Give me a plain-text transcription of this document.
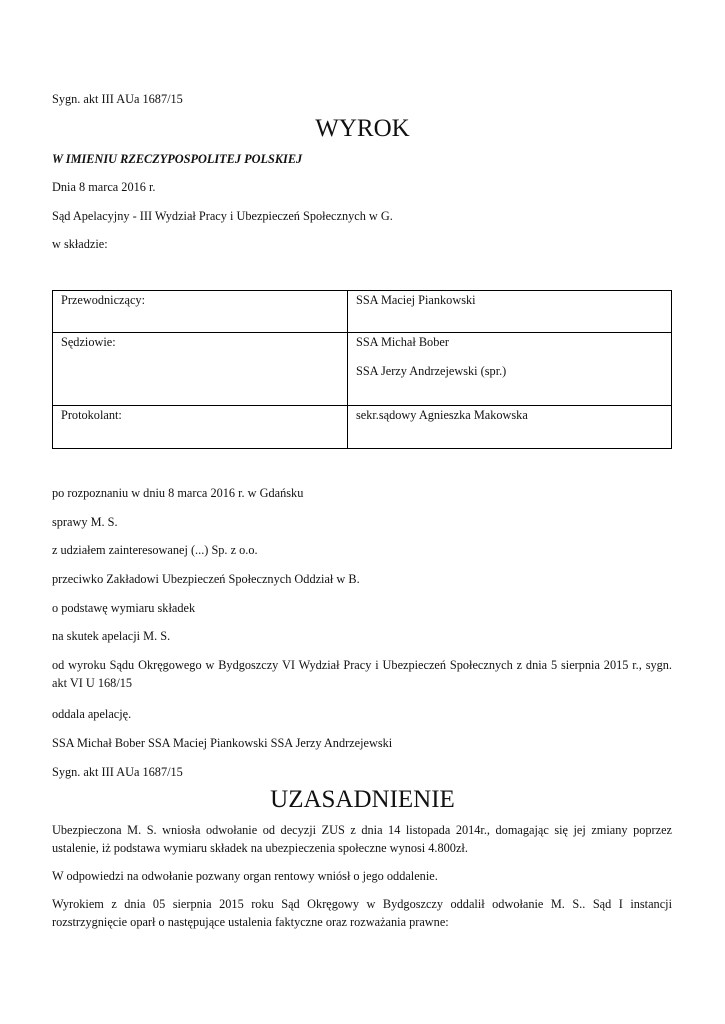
Sygn. akt III AUa 1687/15

WYROK

W IMIENIU RZECZYPOSPOLITEJ POLSKIEJ

Dnia 8 marca 2016 r.

Sąd Apelacyjny - III Wydział Pracy i Ubezpieczeń Społecznych w G.

w składzie:

Przewodniczący:	SSA Maciej Piankowski

Sędziowie:	SSA Michał Bober
SSA Jerzy Andrzejewski (spr.)

Protokolant:	sekr.sądowy Agnieszka Makowska

po rozpoznaniu w dniu 8 marca 2016 r. w Gdańsku

sprawy M. S.

z udziałem zainteresowanej (...) Sp. z o.o.

przeciwko Zakładowi Ubezpieczeń Społecznych Oddział w B.

o podstawę wymiaru składek

na skutek apelacji M. S.

od wyroku Sądu Okręgowego w Bydgoszczy VI Wydział Pracy i Ubezpieczeń Społecznych z dnia 5 sierpnia 2015 r., sygn. akt VI U 168/15

oddala apelację.

SSA Michał Bober SSA Maciej Piankowski SSA Jerzy Andrzejewski

Sygn. akt III AUa 1687/15

UZASADNIENIE

Ubezpieczona M. S. wniosła odwołanie od decyzji ZUS z dnia 14 listopada 2014r., domagając się jej zmiany poprzez ustalenie, iż podstawa wymiaru składek na ubezpieczenia społeczne wynosi 4.800zł.

W odpowiedzi na odwołanie pozwany organ rentowy wniósł o jego oddalenie.

Wyrokiem z dnia 05 sierpnia 2015 roku Sąd Okręgowy w Bydgoszczy oddalił odwołanie M. S.. Sąd I instancji rozstrzygnięcie oparł o następujące ustalenia faktyczne oraz rozważania prawne:
